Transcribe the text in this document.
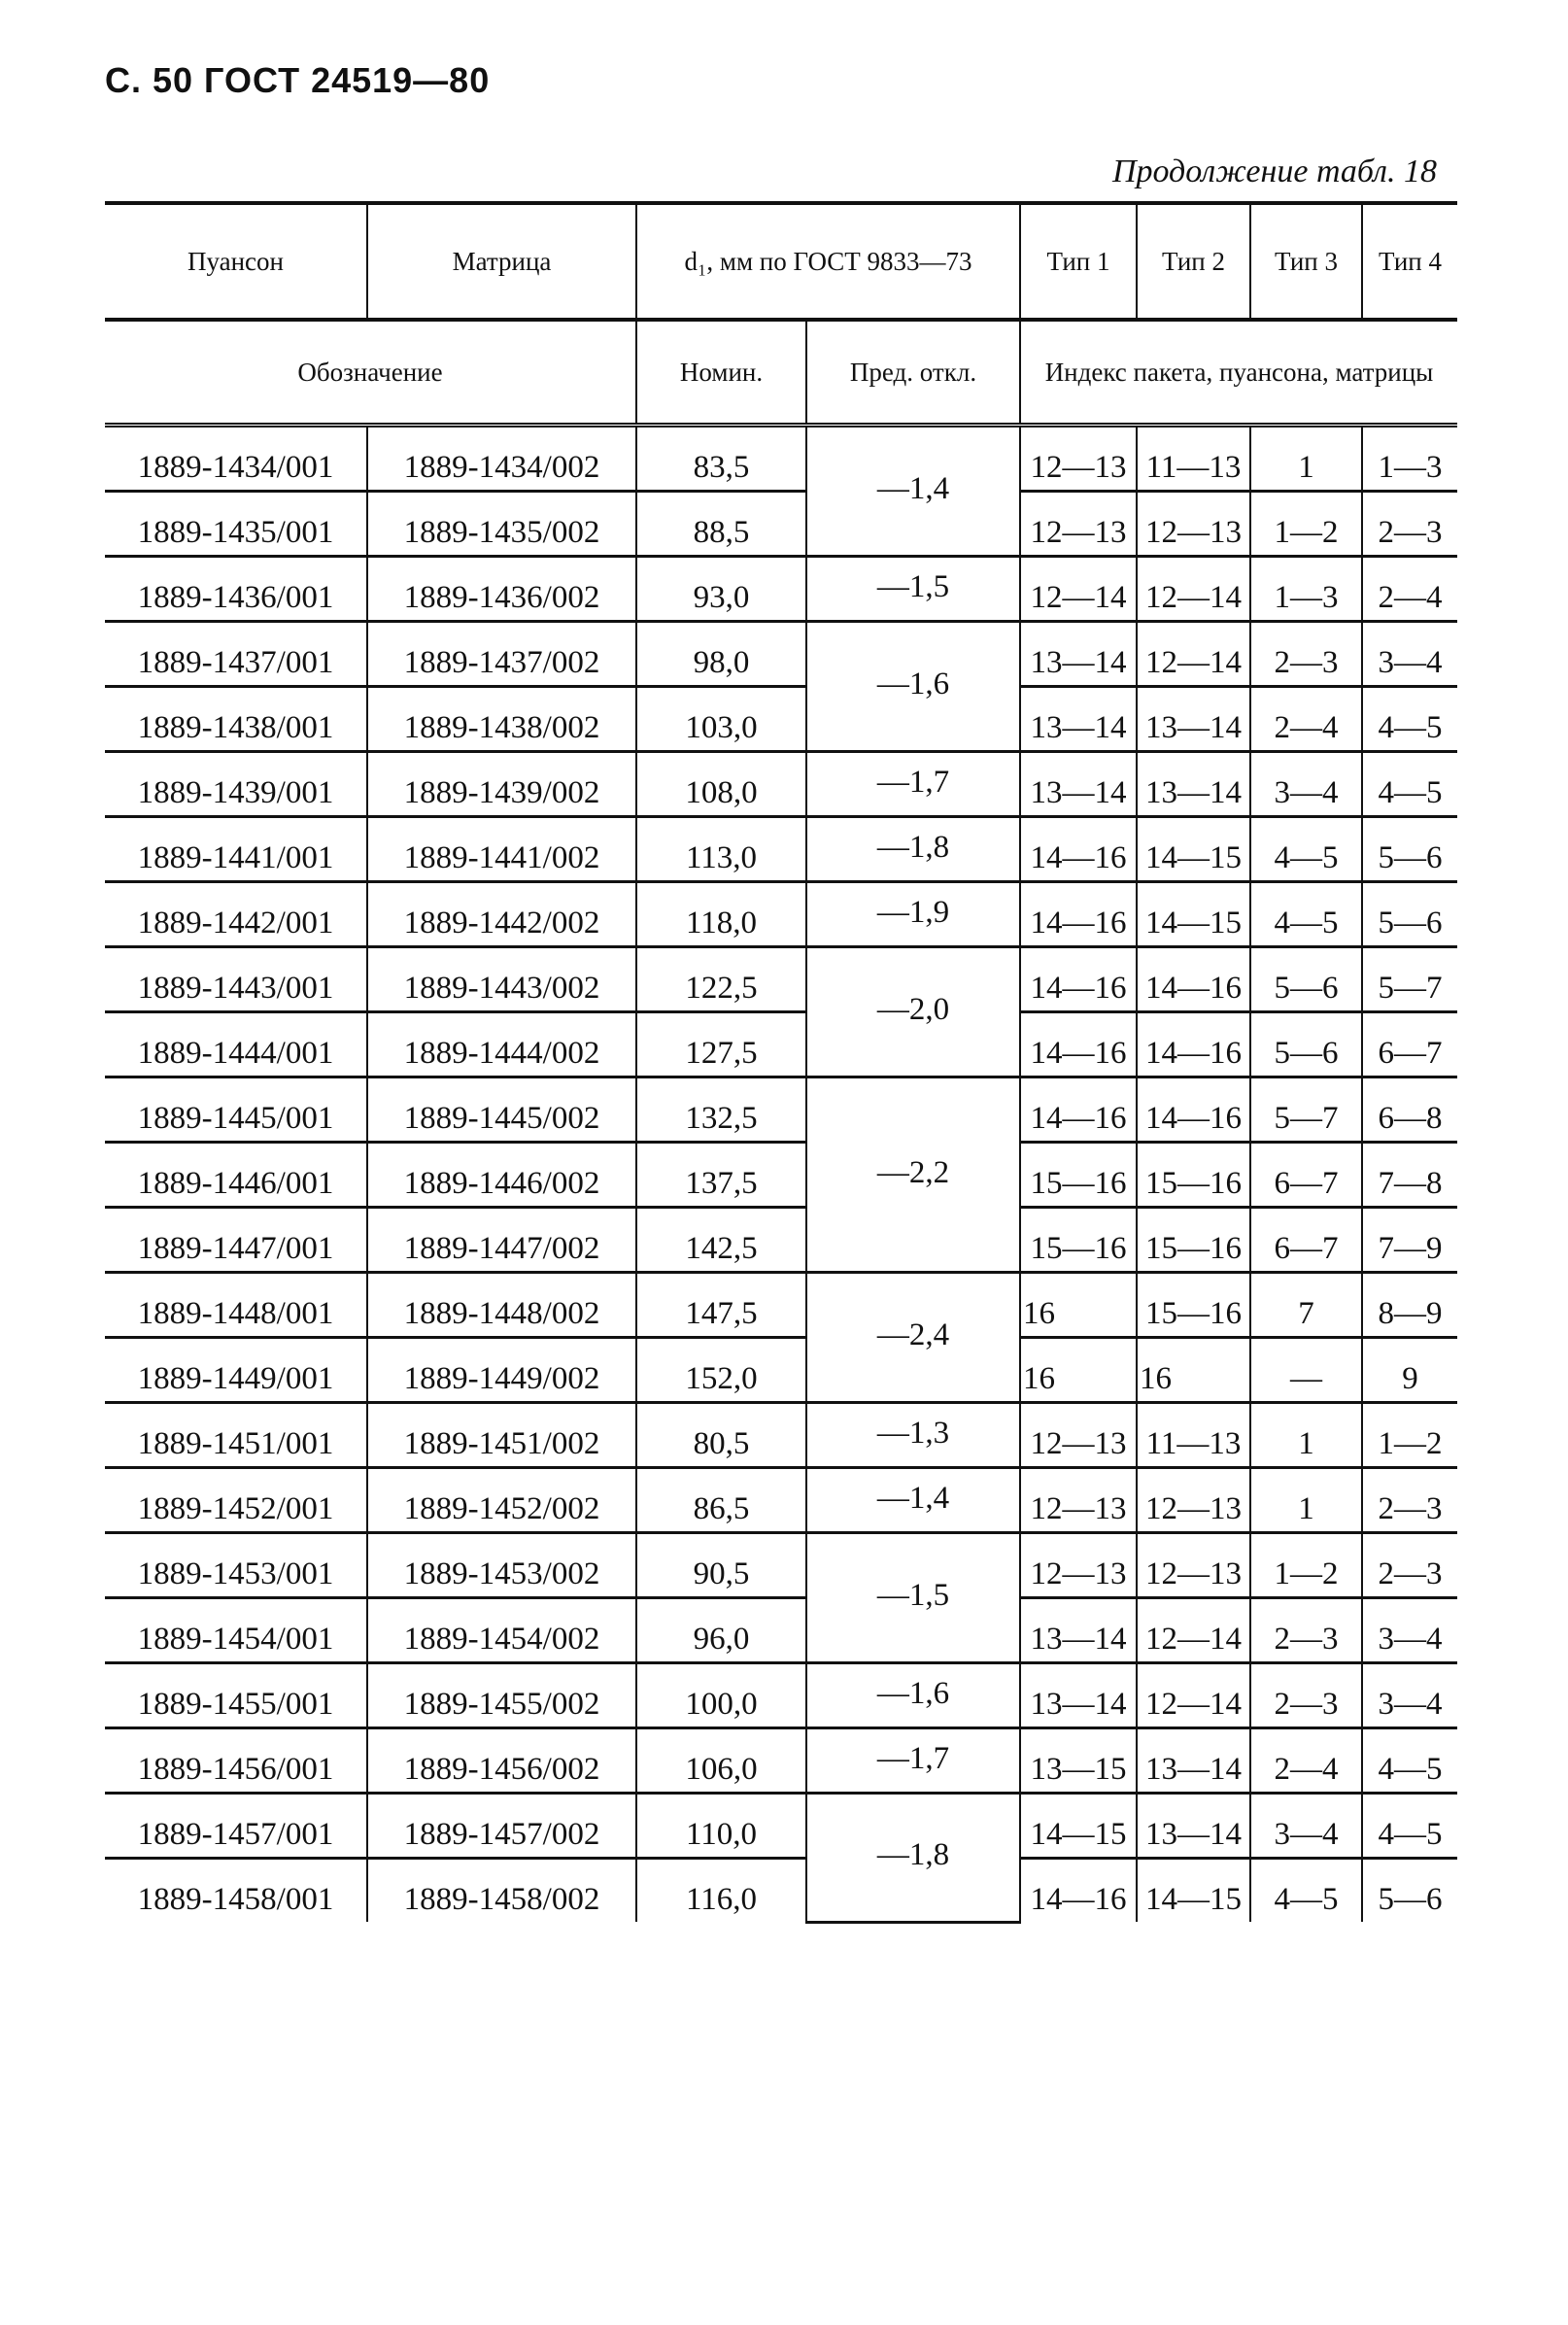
С. 50 ГОСТ 24519—80
Продолжение табл. 18
Пуансон	Матрица	d₁, мм по ГОСТ 9833—73		Тип 1	Тип 2	Тип 3	Тип 4
Обозначение		Номин.	Пред. откл.	Индекс пакета, пуансона, матрицы			
1889-1434/001	1889-1434/002	83,5	—1,4	12—13	11—13	1	1—3
1889-1435/001	1889-1435/002	88,5		12—13	12—13	1—2	2—3
1889-1436/001	1889-1436/002	93,0	—1,5	12—14	12—14	1—3	2—4
1889-1437/001	1889-1437/002	98,0	—1,6	13—14	12—14	2—3	3—4
1889-1438/001	1889-1438/002	103,0		13—14	13—14	2—4	4—5
1889-1439/001	1889-1439/002	108,0	—1,7	13—14	13—14	3—4	4—5
1889-1441/001	1889-1441/002	113,0	—1,8	14—16	14—15	4—5	5—6
1889-1442/001	1889-1442/002	118,0	—1,9	14—16	14—15	4—5	5—6
1889-1443/001	1889-1443/002	122,5	—2,0	14—16	14—16	5—6	5—7
1889-1444/001	1889-1444/002	127,5		14—16	14—16	5—6	6—7
1889-1445/001	1889-1445/002	132,5	—2,2	14—16	14—16	5—7	6—8
1889-1446/001	1889-1446/002	137,5		15—16	15—16	6—7	7—8
1889-1447/001	1889-1447/002	142,5		15—16	15—16	6—7	7—9
1889-1448/001	1889-1448/002	147,5	—2,4	16	15—16	7	8—9
1889-1449/001	1889-1449/002	152,0		16	16	—	9
1889-1451/001	1889-1451/002	80,5	—1,3	12—13	11—13	1	1—2
1889-1452/001	1889-1452/002	86,5	—1,4	12—13	12—13	1	2—3
1889-1453/001	1889-1453/002	90,5	—1,5	12—13	12—13	1—2	2—3
1889-1454/001	1889-1454/002	96,0		13—14	12—14	2—3	3—4
1889-1455/001	1889-1455/002	100,0	—1,6	13—14	12—14	2—3	3—4
1889-1456/001	1889-1456/002	106,0	—1,7	13—15	13—14	2—4	4—5
1889-1457/001	1889-1457/002	110,0	—1,8	14—15	13—14	3—4	4—5
1889-1458/001	1889-1458/002	116,0		14—16	14—15	4—5	5—6
